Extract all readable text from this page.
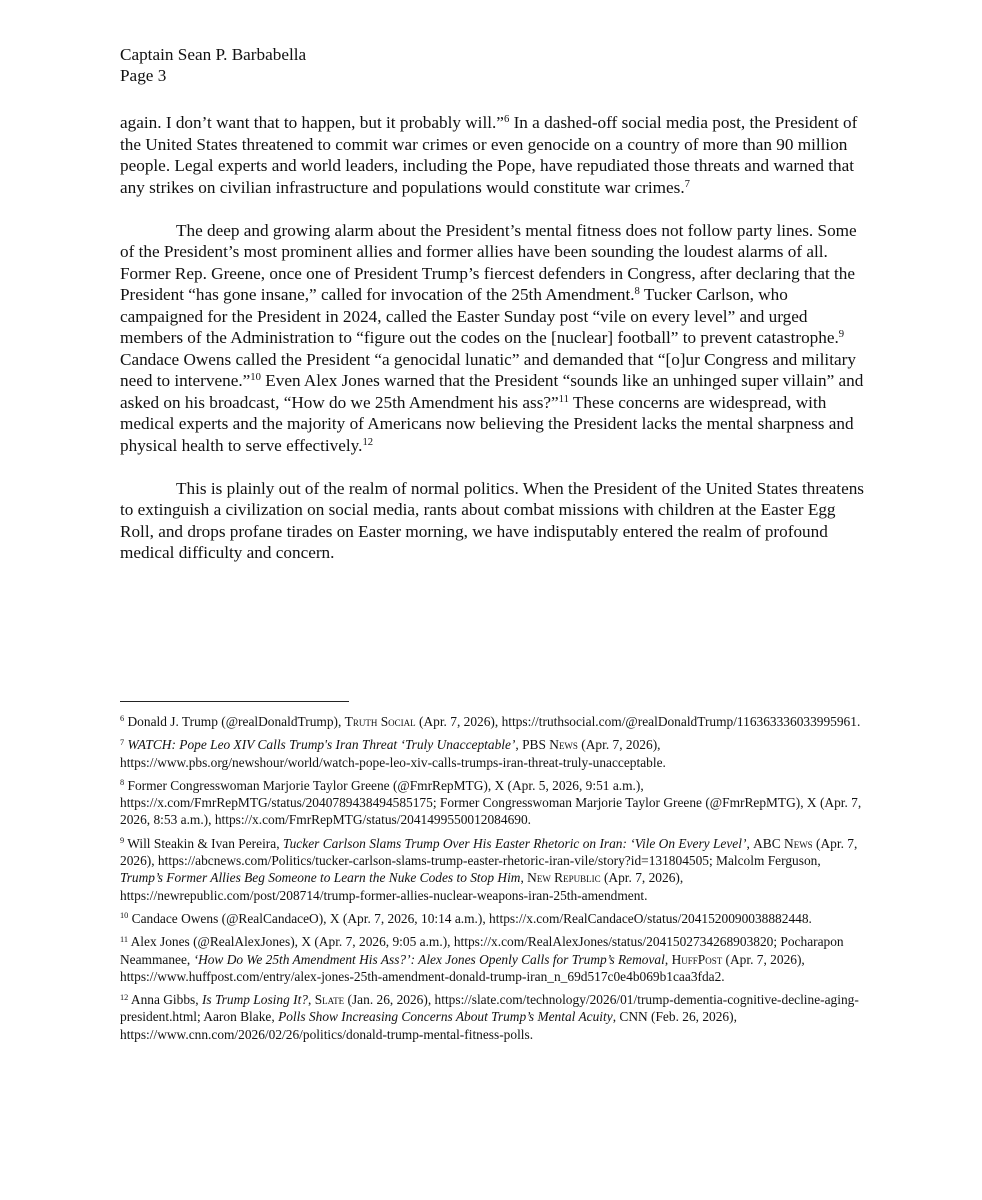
Captain Sean P. Barbabella
Page 3

again. I don’t want that to happen, but it probably will.”$^6$ In a dashed-off social media post, the President of the United States threatened to commit war crimes or even genocide on a country of more than 90 million people. Legal experts and world leaders, including the Pope, have repudiated those threats and warned that any strikes on civilian infrastructure and populations would constitute war crimes.$^7$

The deep and growing alarm about the President’s mental fitness does not follow party lines. Some of the President’s most prominent allies and former allies have been sounding the loudest alarms of all. Former Rep. Greene, once one of President Trump’s fiercest defenders in Congress, after declaring that the President “has gone insane,” called for invocation of the 25th Amendment.$^8$ Tucker Carlson, who campaigned for the President in 2024, called the Easter Sunday post “vile on every level” and urged members of the Administration to “figure out the codes on the [nuclear] football” to prevent catastrophe.$^9$ Candace Owens called the President “a genocidal lunatic” and demanded that “[o]ur Congress and military need to intervene.”$^{10}$ Even Alex Jones warned that the President “sounds like an unhinged super villain” and asked on his broadcast, “How do we 25th Amendment his ass?”$^{11}$ These concerns are widespread, with medical experts and the majority of Americans now believing the President lacks the mental sharpness and physical health to serve effectively.$^{12}$

This is plainly out of the realm of normal politics. When the President of the United States threatens to extinguish a civilization on social media, rants about combat missions with children at the Easter Egg Roll, and drops profane tirades on Easter morning, we have indisputably entered the realm of profound medical difficulty and concern.

$^6$ Donald J. Trump (@realDonaldTrump), Truth Social (Apr. 7, 2026), https://truthsocial.com/@realDonaldTrump/116363336033995961.
$^7$ WATCH: Pope Leo XIV Calls Trump's Iran Threat ‘Truly Unacceptable’, PBS News (Apr. 7, 2026), https://www.pbs.org/newshour/world/watch-pope-leo-xiv-calls-trumps-iran-threat-truly-unacceptable.
$^8$ Former Congresswoman Marjorie Taylor Greene (@FmrRepMTG), X (Apr. 5, 2026, 9:51 a.m.), https://x.com/FmrRepMTG/status/2040789438494585175; Former Congresswoman Marjorie Taylor Greene (@FmrRepMTG), X (Apr. 7, 2026, 8:53 a.m.), https://x.com/FmrRepMTG/status/2041499550012084690.
$^9$ Will Steakin & Ivan Pereira, Tucker Carlson Slams Trump Over His Easter Rhetoric on Iran: ‘Vile On Every Level’, ABC News (Apr. 7, 2026), https://abcnews.com/Politics/tucker-carlson-slams-trump-easter-rhetoric-iran-vile/story?id=131804505; Malcolm Ferguson, Trump’s Former Allies Beg Someone to Learn the Nuke Codes to Stop Him, New Republic (Apr. 7, 2026), https://newrepublic.com/post/208714/trump-former-allies-nuclear-weapons-iran-25th-amendment.
$^{10}$ Candace Owens (@RealCandaceO), X (Apr. 7, 2026, 10:14 a.m.), https://x.com/RealCandaceO/status/2041520090038882448.
$^{11}$ Alex Jones (@RealAlexJones), X (Apr. 7, 2026, 9:05 a.m.), https://x.com/RealAlexJones/status/2041502734268903820; Pocharapon Neammanee, ‘How Do We 25th Amendment His Ass?’: Alex Jones Openly Calls for Trump’s Removal, HuffPost (Apr. 7, 2026), https://www.huffpost.com/entry/alex-jones-25th-amendment-donald-trump-iran_n_69d517c0e4b069b1caa3fda2.
$^{12}$ Anna Gibbs, Is Trump Losing It?, Slate (Jan. 26, 2026), https://slate.com/technology/2026/01/trump-dementia-cognitive-decline-aging-president.html; Aaron Blake, Polls Show Increasing Concerns About Trump’s Mental Acuity, CNN (Feb. 26, 2026), https://www.cnn.com/2026/02/26/politics/donald-trump-mental-fitness-polls.
